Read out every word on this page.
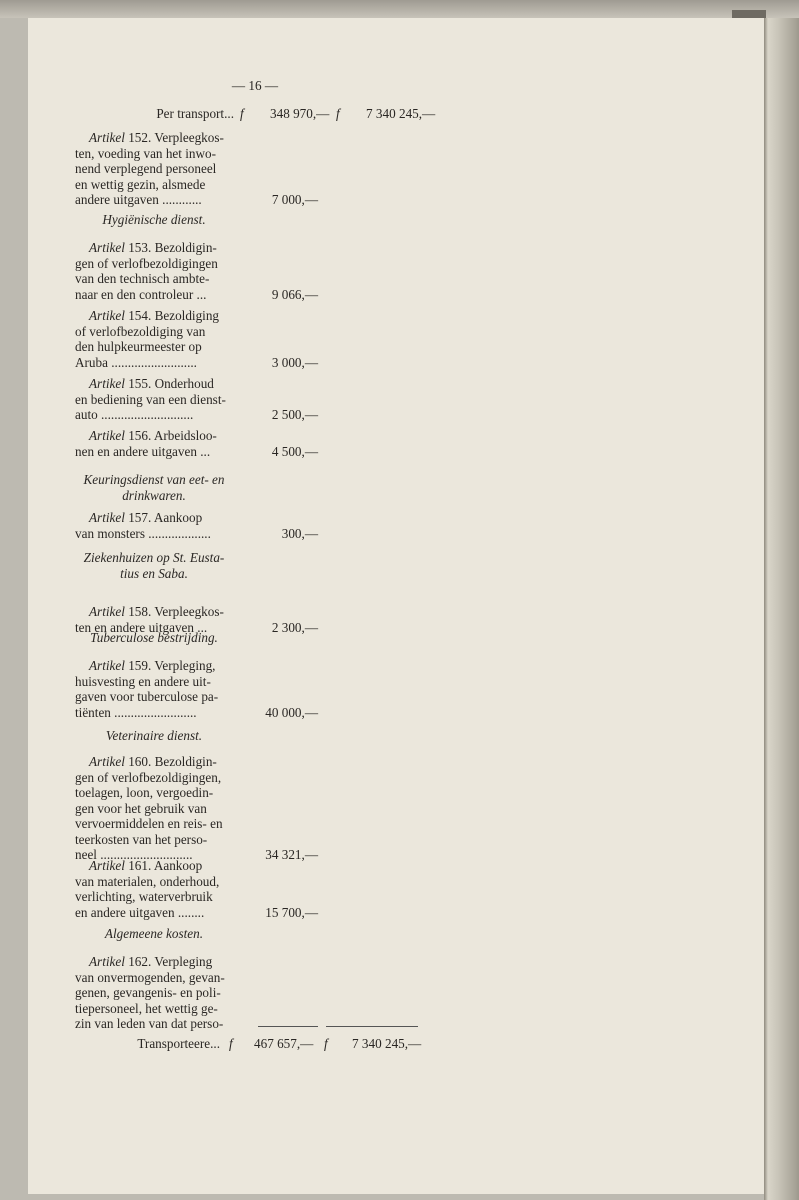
— 16 —
Per transport... f 348 970,— f 7 340 245,—
Artikel 152. Verpleegkos-
ten, voeding van het inwo-
nend verplegend personeel
en wettig gezin, alsmede
andere uitgaven ............	7 000,—
Hygiënische dienst.
Artikel 153. Bezoldigin-
gen of verlofbezoldigingen
van den technisch ambte-
naar en den controleur ...	9 066,—
Artikel 154. Bezoldiging
of verlofbezoldiging van
den hulpkeurmeester op
Aruba ..........................	3 000,—
Artikel 155. Onderhoud
en bediening van een dienst-
auto ............................	2 500,—
Artikel 156. Arbeidsloo-
nen en andere uitgaven ...	4 500,—
Keuringsdienst van eet- en
drinkwaren.
Artikel 157. Aankoop
van monsters ...................	300,—
Ziekenhuizen op St. Eusta-
tius en Saba.
Artikel 158. Verpleegkos-
ten en andere uitgaven ...	2 300,—
Tuberculose bestrijding.
Artikel 159. Verpleging,
huisvesting en andere uit-
gaven voor tuberculose pa-
tiënten .........................	40 000,—
Veterinaire dienst.
Artikel 160. Bezoldigin-
gen of verlofbezoldigingen,
toelagen, loon, vergoedin-
gen voor het gebruik van
vervoermiddelen en reis- en
teerkosten van het perso-
neel ............................	34 321,—
Artikel 161. Aankoop
van materialen, onderhoud,
verlichting, waterverbruik
en andere uitgaven ........	15 700,—
Algemeene kosten.
Artikel 162. Verpleging
van onvermogenden, gevan-
genen, gevangenis- en poli-
tiepersoneel, het wettig ge-
zin van leden van dat perso-
Transporteere... f 467 657,— f 7 340 245,—
